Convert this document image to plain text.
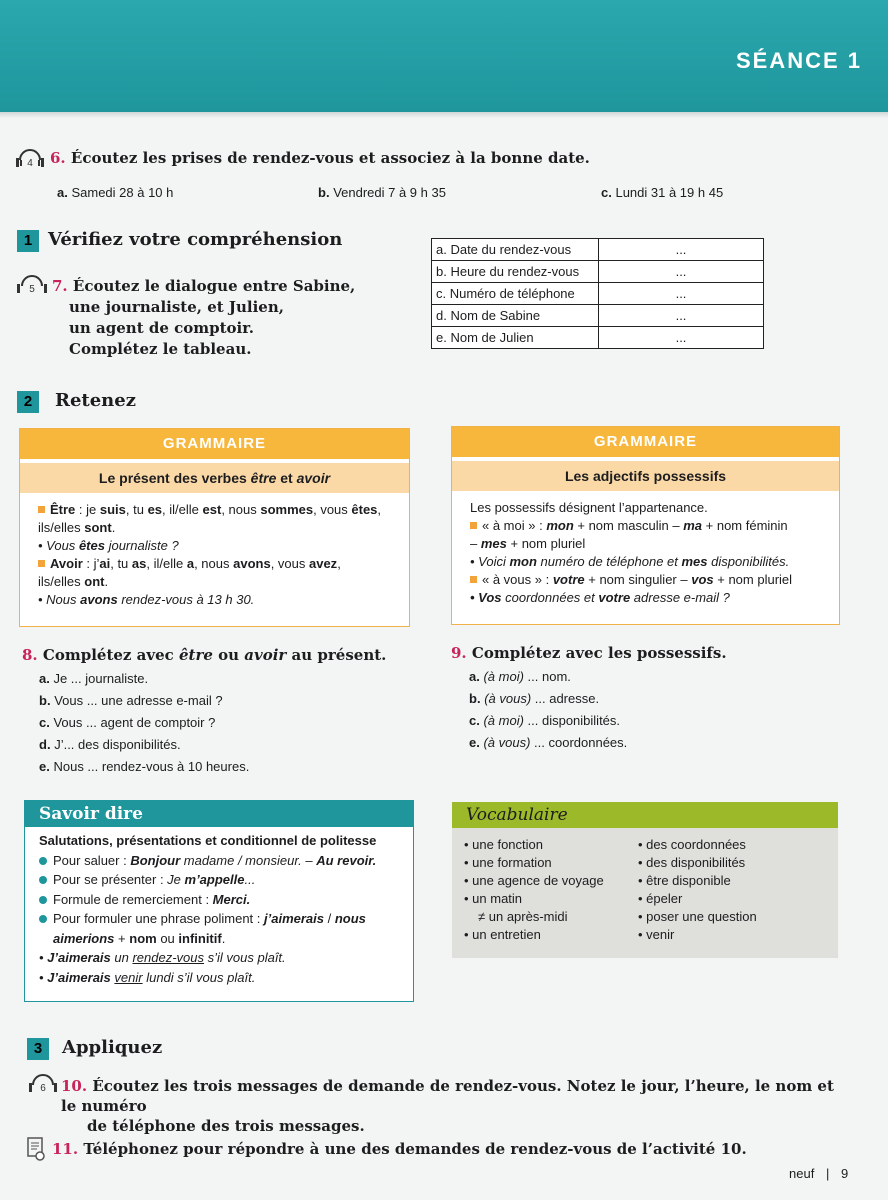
SÉANCE 1
4 6. Écoutez les prises de rendez-vous et associez à la bonne date.
a. Samedi 28 à 10 h	b. Vendredi 7 à 9 h 35	c. Lundi 31 à 19 h 45
1 Vérifiez votre compréhension
5 7. Écoutez le dialogue entre Sabine,
une journaliste, et Julien,
un agent de comptoir.
Complétez le tableau.
a. Date du rendez-vous	...
b. Heure du rendez-vous	...
c. Numéro de téléphone	...
d. Nom de Sabine	...
e. Nom de Julien	...
2	Retenez
GRAMMAIRE
Le présent des verbes être et avoir
Être : je suis, tu es, il/elle est, nous sommes, vous êtes,
ils/elles sont.
• Vous êtes journaliste ?
Avoir : j’ai, tu as, il/elle a, nous avons, vous avez,
ils/elles ont.
• Nous avons rendez-vous à 13 h 30.
GRAMMAIRE
Les adjectifs possessifs
Les possessifs désignent l’appartenance.
« à moi » : mon + nom masculin – ma + nom féminin
– mes + nom pluriel
• Voici mon numéro de téléphone et mes disponibilités.
« à vous » : votre + nom singulier – vos + nom pluriel
• Vos coordonnées et votre adresse e-mail ?
8. Complétez avec être ou avoir au présent.
a. Je ... journaliste.
b. Vous ... une adresse e-mail ?
c. Vous ... agent de comptoir ?
d. J’... des disponibilités.
e. Nous ... rendez-vous à 10 heures.
9. Complétez avec les possessifs.
a. (à moi) ... nom.
b. (à vous) ... adresse.
c. (à moi) ... disponibilités.
e. (à vous) ... coordonnées.
Savoir dire
Salutations, présentations et conditionnel de politesse
Pour saluer : Bonjour madame / monsieur. – Au revoir.
Pour se présenter : Je m’appelle...
Formule de remerciement : Merci.
Pour formuler une phrase poliment : j’aimerais / nous
aimerions + nom ou infinitif.
• J’aimerais un rendez-vous s’il vous plaît.
• J’aimerais venir lundi s’il vous plaît.
Vocabulaire
• une fonction
• une formation
• une agence de voyage
• un matin
≠ un après-midi
• un entretien
• des coordonnées
• des disponibilités
• être disponible
• épeler
• poser une question
• venir
3	Appliquez
6 10. Écoutez les trois messages de demande de rendez-vous. Notez le jour, l’heure, le nom et le numéro
de téléphone des trois messages.
11. Téléphonez pour répondre à une des demandes de rendez-vous de l’activité 10.
neuf | 9
